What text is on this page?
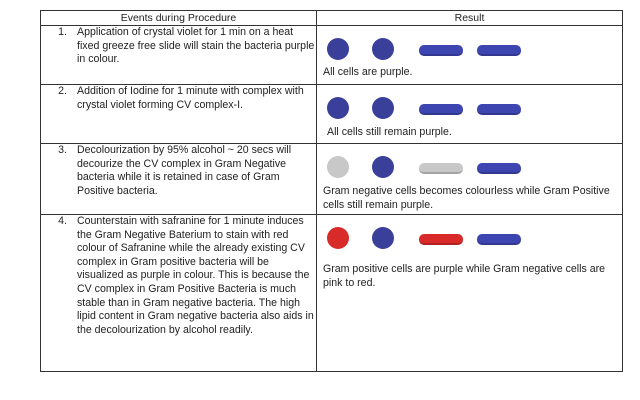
Events during Procedure	Result

1. Application of crystal violet for 1 min on a heat fixed greeze free slide will stain the bacteria purple in colour.	All cells are purple.

2. Addition of Iodine for 1 minute with complex with crystal violet forming CV complex-I.	All cells still remain purple.

3. Decolourization by 95% alcohol ~ 20 secs will decourize the CV complex in Gram Negative bacteria while it is retained in case of Gram Positive bacteria.	Gram negative cells becomes colourless while Gram Positive cells still remain purple.

4. Counterstain with safranine for 1 minute induces the Gram Negative Baterium to stain with red colour of Safranine while the already existing CV complex in Gram positive bacteria will be visualized as purple in colour. This is because the CV complex in Gram Positive Bacteria is much stable than in Gram negative bacteria. The high lipid content in Gram negative bacteria also aids in the decolourization by alcohol readily.	Gram positive cells are purple while Gram negative cells are pink to red.
